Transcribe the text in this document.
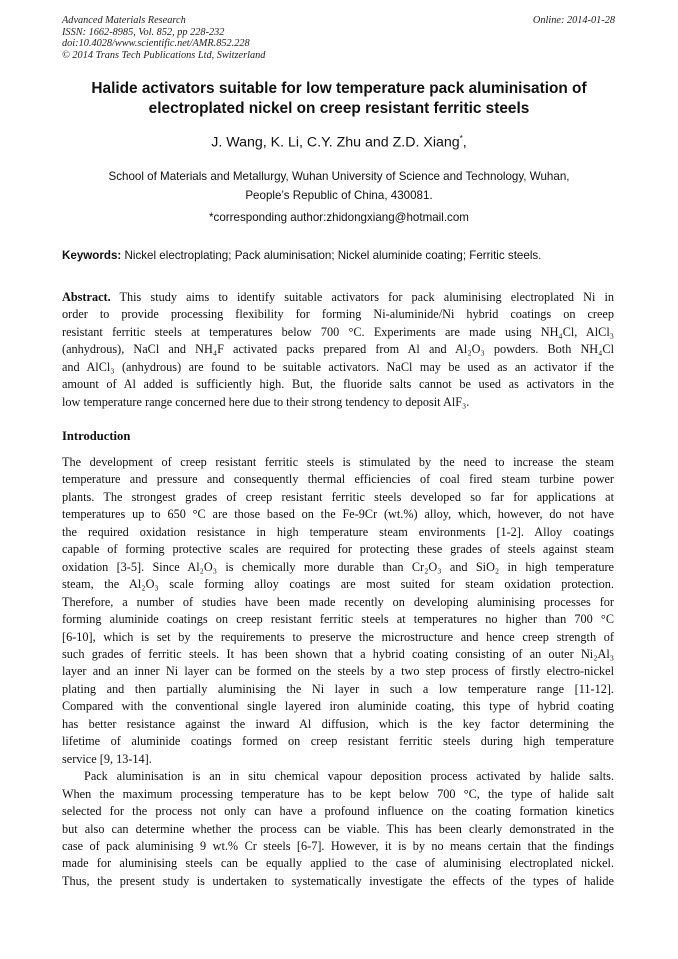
Advanced Materials Research
ISSN: 1662-8985, Vol. 852, pp 228-232
doi:10.4028/www.scientific.net/AMR.852.228
© 2014 Trans Tech Publications Ltd, Switzerland
Online: 2014-01-28
Halide activators suitable for low temperature pack aluminisation of
electroplated nickel on creep resistant ferritic steels
J. Wang, K. Li, C.Y. Zhu and Z.D. Xiang*,
School of Materials and Metallurgy, Wuhan University of Science and Technology, Wuhan,
People’s Republic of China, 430081.
*corresponding author:zhidongxiang@hotmail.com
Keywords: Nickel electroplating; Pack aluminisation; Nickel aluminide coating; Ferritic steels.
Abstract. This study aims to identify suitable activators for pack aluminising electroplated Ni in
order to provide processing flexibility for forming Ni-aluminide/Ni hybrid coatings on creep
resistant ferritic steels at temperatures below 700 °C. Experiments are made using NH₄Cl, AlCl₃
(anhydrous), NaCl and NH₄F activated packs prepared from Al and Al₂O₃ powders. Both NH₄Cl
and AlCl₃ (anhydrous) are found to be suitable activators. NaCl may be used as an activator if the
amount of Al added is sufficiently high. But, the fluoride salts cannot be used as activators in the
low temperature range concerned here due to their strong tendency to deposit AlF₃.
Introduction
The development of creep resistant ferritic steels is stimulated by the need to increase the steam
temperature and pressure and consequently thermal efficiencies of coal fired steam turbine power
plants. The strongest grades of creep resistant ferritic steels developed so far for applications at
temperatures up to 650 °C are those based on the Fe-9Cr (wt.%) alloy, which, however, do not have
the required oxidation resistance in high temperature steam environments [1-2]. Alloy coatings
capable of forming protective scales are required for protecting these grades of steels against steam
oxidation [3-5]. Since Al₂O₃ is chemically more durable than Cr₂O₃ and SiO₂ in high temperature
steam, the Al₂O₃ scale forming alloy coatings are most suited for steam oxidation protection.
Therefore, a number of studies have been made recently on developing aluminising processes for
forming aluminide coatings on creep resistant ferritic steels at temperatures no higher than 700 °C
[6-10], which is set by the requirements to preserve the microstructure and hence creep strength of
such grades of ferritic steels. It has been shown that a hybrid coating consisting of an outer Ni₂Al₃
layer and an inner Ni layer can be formed on the steels by a two step process of firstly electro-nickel
plating and then partially aluminising the Ni layer in such a low temperature range [11-12].
Compared with the conventional single layered iron aluminide coating, this type of hybrid coating
has better resistance against the inward Al diffusion, which is the key factor determining the
lifetime of aluminide coatings formed on creep resistant ferritic steels during high temperature
service [9, 13-14].
Pack aluminisation is an in situ chemical vapour deposition process activated by halide salts.
When the maximum processing temperature has to be kept below 700 °C, the type of halide salt
selected for the process not only can have a profound influence on the coating formation kinetics
but also can determine whether the process can be viable. This has been clearly demonstrated in the
case of pack aluminising 9 wt.% Cr steels [6-7]. However, it is by no means certain that the findings
made for aluminising steels can be equally applied to the case of aluminising electroplated nickel.
Thus, the present study is undertaken to systematically investigate the effects of the types of halide
